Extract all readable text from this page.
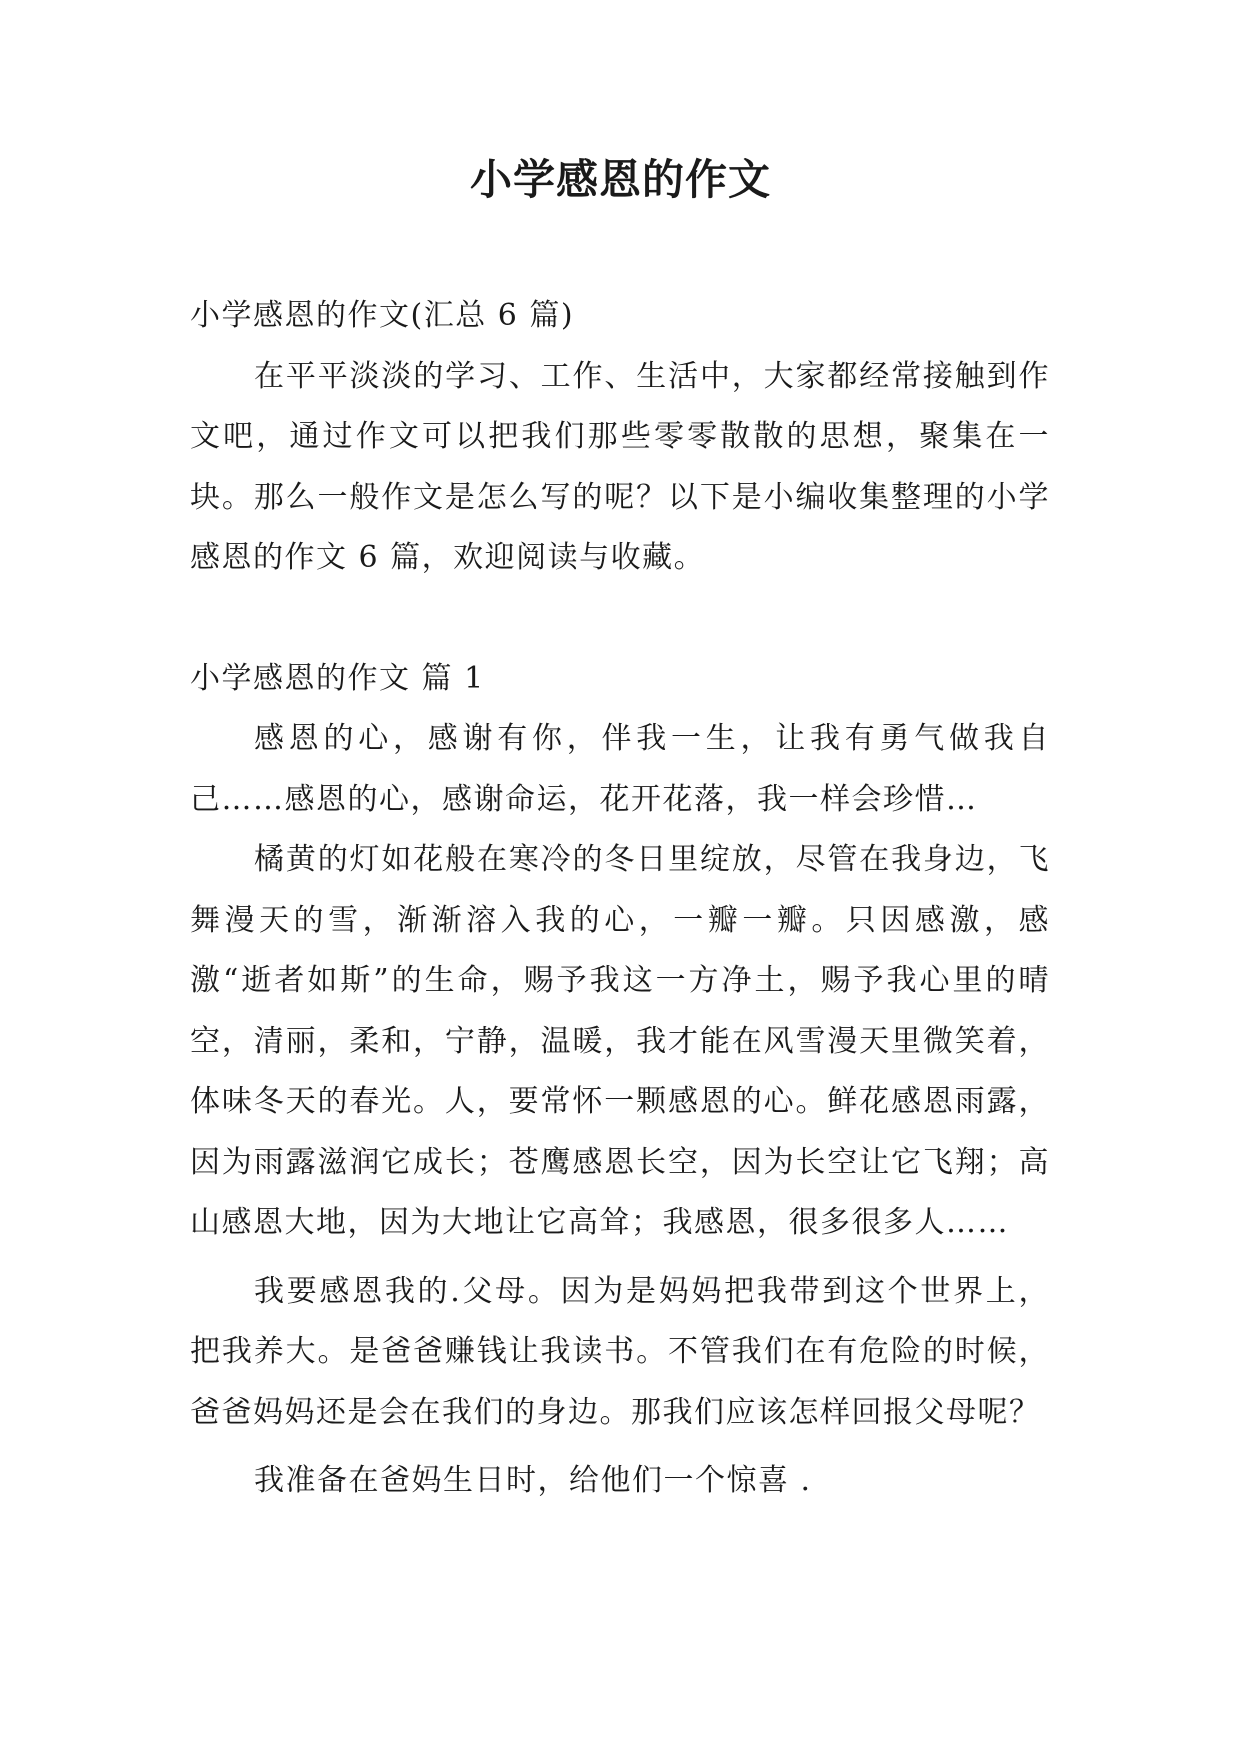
小学感恩的作文

小学感恩的作文(汇总 6 篇)

在平平淡淡的学习、工作、生活中，大家都经常接触到作文吧，通过作文可以把我们那些零零散散的思想，聚集在一块。那么一般作文是怎么写的呢？以下是小编收集整理的小学感恩的作文 6 篇，欢迎阅读与收藏。

小学感恩的作文 篇 1

感恩的心，感谢有你，伴我一生，让我有勇气做我自己……感恩的心，感谢命运，花开花落，我一样会珍惜…

橘黄的灯如花般在寒冷的冬日里绽放，尽管在我身边，飞舞漫天的雪，渐渐溶入我的心，一瓣一瓣。只因感激，感激“逝者如斯”的生命，赐予我这一方净土，赐予我心里的晴空，清丽，柔和，宁静，温暖，我才能在风雪漫天里微笑着，体味冬天的春光。人，要常怀一颗感恩的心。鲜花感恩雨露，因为雨露滋润它成长；苍鹰感恩长空，因为长空让它飞翔；高山感恩大地，因为大地让它高耸；我感恩，很多很多人……

我要感恩我的.父母。因为是妈妈把我带到这个世界上，把我养大。是爸爸赚钱让我读书。不管我们在有危险的时候，爸爸妈妈还是会在我们的身边。那我们应该怎样回报父母呢？

我准备在爸妈生日时，给他们一个惊喜 .
